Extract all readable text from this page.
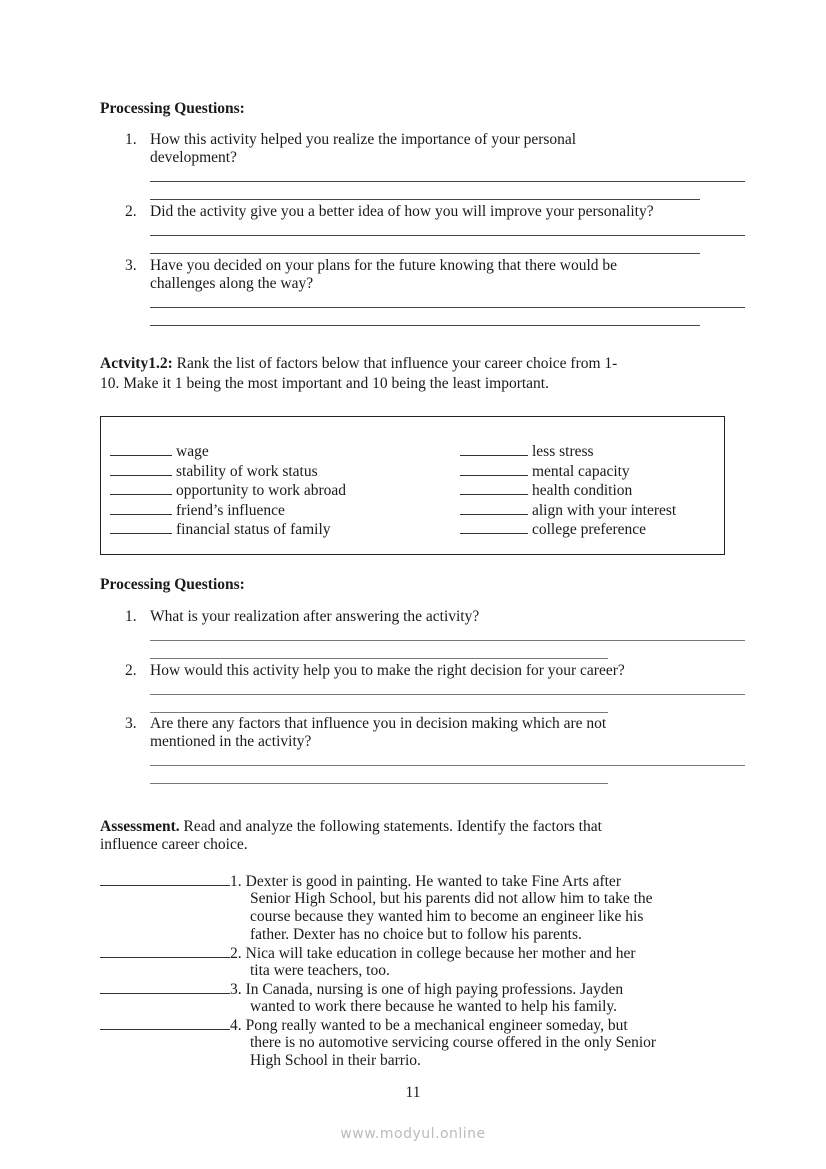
Processing Questions:
1. How this activity helped you realize the importance of your personal
development?
2. Did the activity give you a better idea of how you will improve your personality?
3. Have you decided on your plans for the future knowing that there would be
challenges along the way?
Actvity1.2: Rank the list of factors below that influence your career choice from 1-
10. Make it 1 being the most important and 10 being the least important.
wage
stability of work status
opportunity to work abroad
friend’s influence
financial status of family
less stress
mental capacity
health condition
align with your interest
college preference
Processing Questions:
1. What is your realization after answering the activity?
2. How would this activity help you to make the right decision for your career?
3. Are there any factors that influence you in decision making which are not
mentioned in the activity?
Assessment. Read and analyze the following statements. Identify the factors that
influence career choice.
1. Dexter is good in painting. He wanted to take Fine Arts after
Senior High School, but his parents did not allow him to take the
course because they wanted him to become an engineer like his
father. Dexter has no choice but to follow his parents.
2. Nica will take education in college because her mother and her
tita were teachers, too.
3. In Canada, nursing is one of high paying professions. Jayden
wanted to work there because he wanted to help his family.
4. Pong really wanted to be a mechanical engineer someday, but
there is no automotive servicing course offered in the only Senior
High School in their barrio.
11
www.modyul.online
